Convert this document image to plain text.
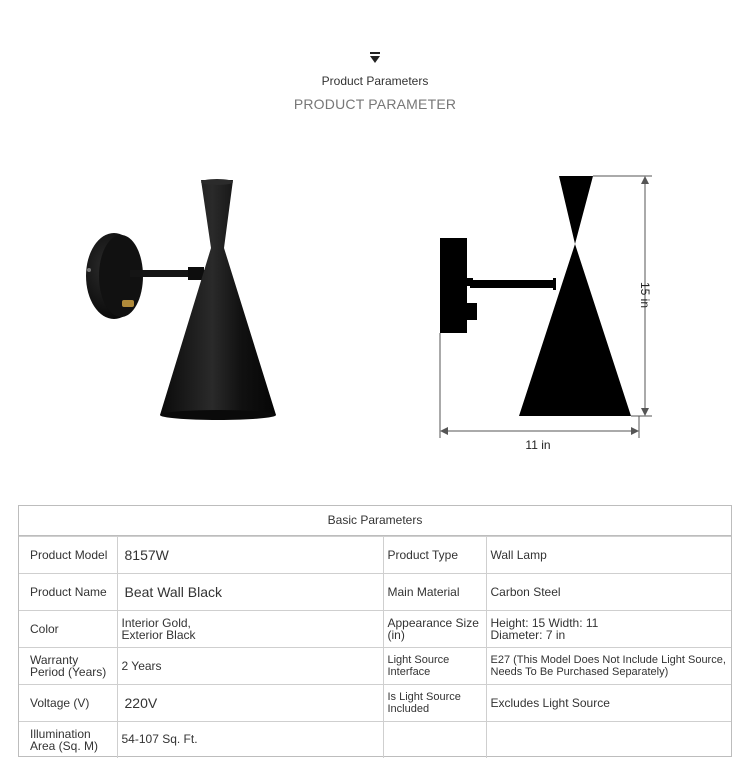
Product Parameters
PRODUCT PARAMETER
15 in
11 in
Basic Parameters
Product Model	8157W	Product Type	Wall Lamp
Product Name	Beat Wall Black	Main Material	Carbon Steel
Color	Interior Gold, Exterior Black	Appearance Size (in)	Height: 15 Width: 11 Diameter: 7 in
Warranty Period (Years)	2 Years	Light Source Interface	E27 (This Model Does Not Include Light Source, Needs To Be Purchased Separately)
Voltage (V)	220V	Is Light Source Included	Excludes Light Source
Illumination Area (Sq. M)	54-107 Sq. Ft.		
